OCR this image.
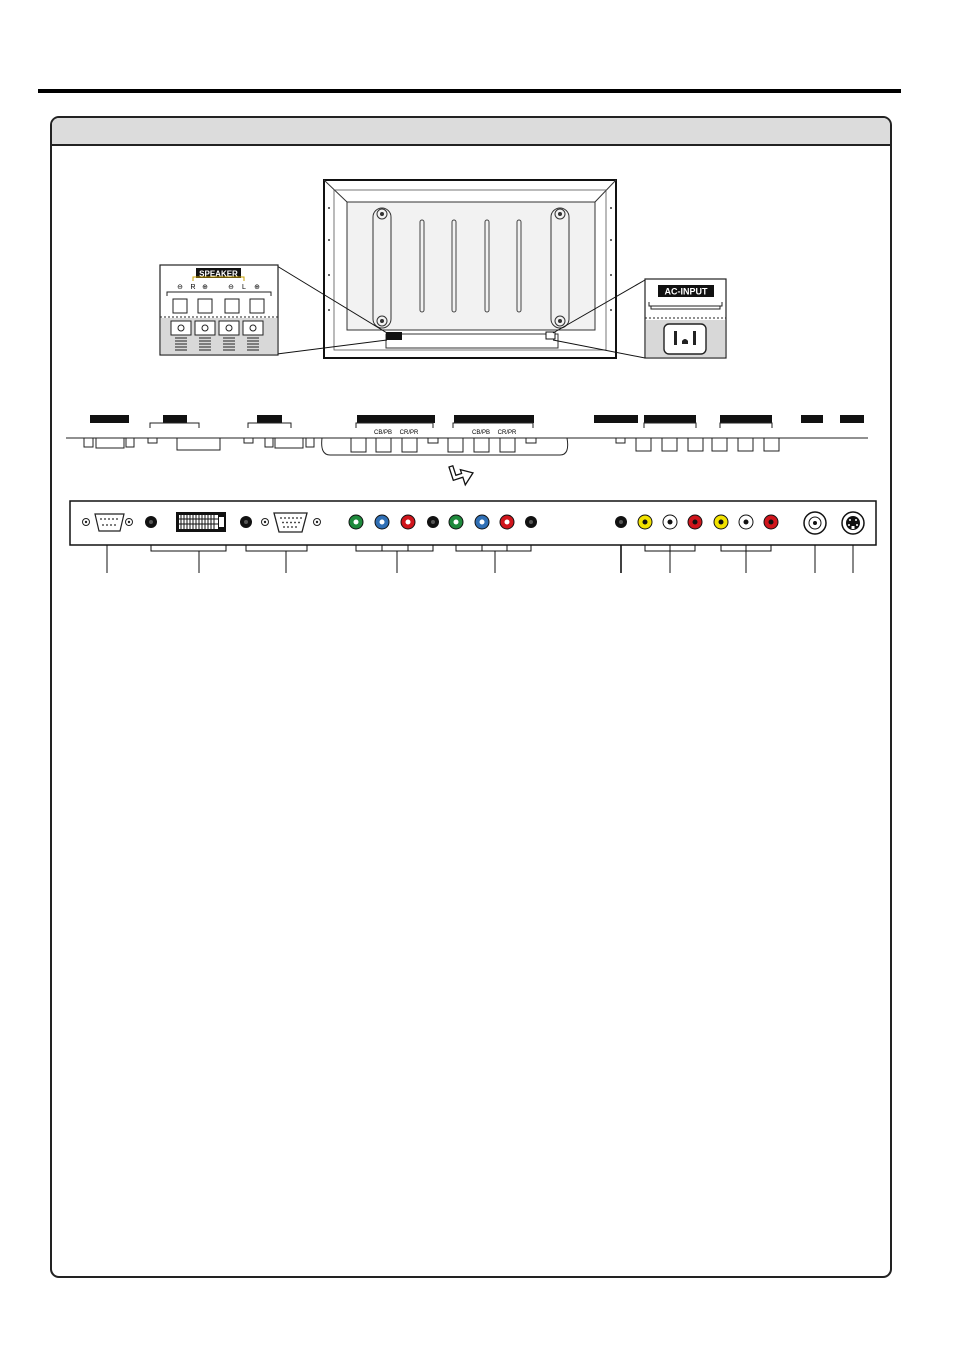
SPEAKER
⊖ R ⊕	⊖ L ⊕	AC-INPUT
CB/PB CR/PR	CB/PB CR/PR
